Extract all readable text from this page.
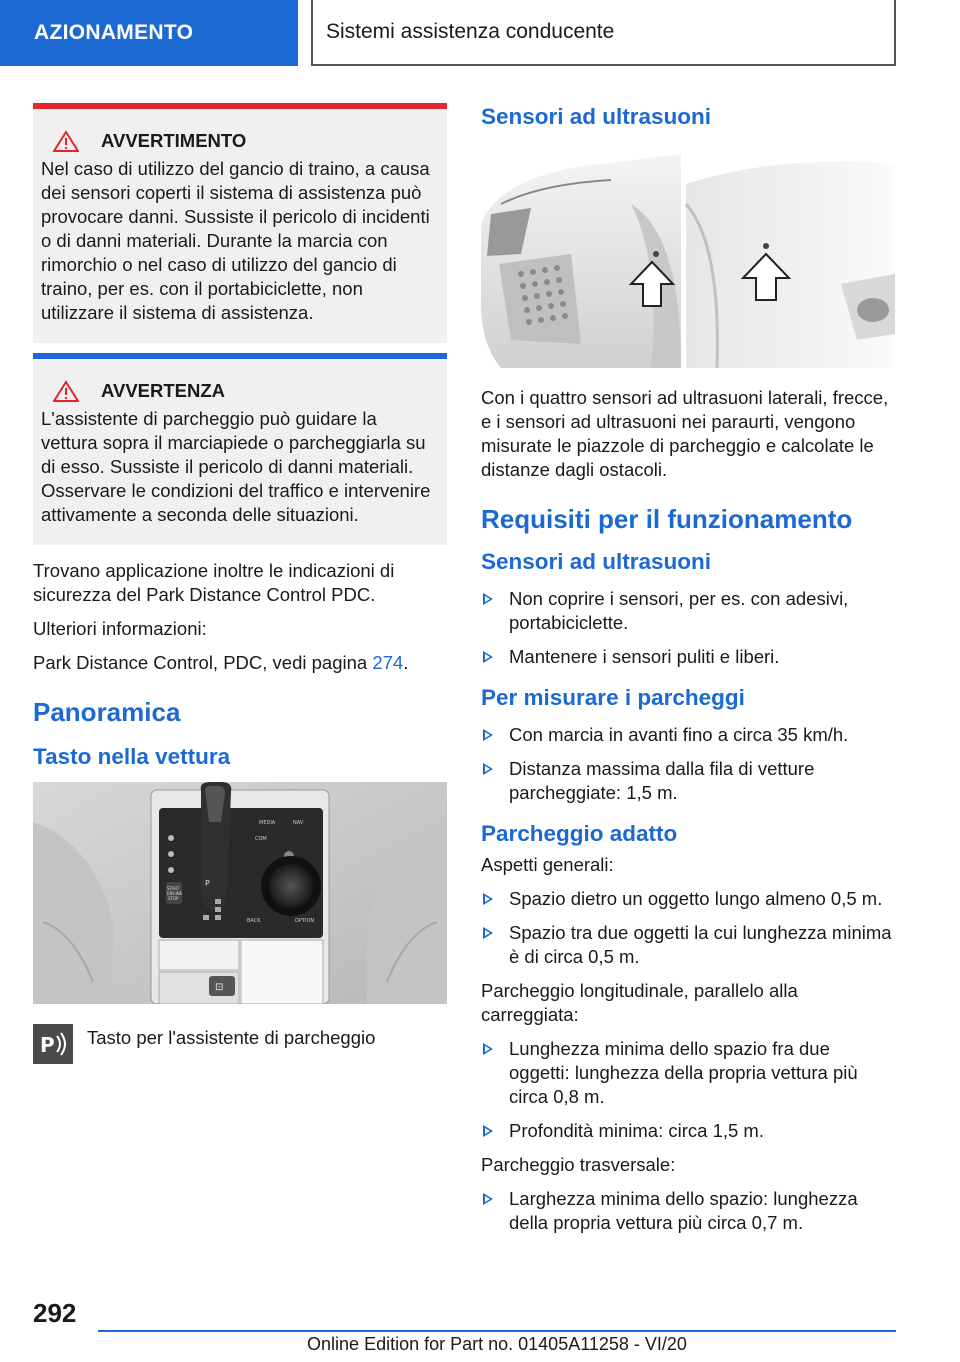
AZIONAMENTO	Sistemi assistenza conducente
AVVERTIMENTO
Nel caso di utilizzo del gancio di traino, a causa dei sensori coperti il sistema di assistenza può provocare danni. Sussiste il pericolo di incidenti o di danni materiali. Durante la marcia con rimorchio o nel caso di utilizzo del gancio di traino, per es. con il portabiciclette, non utilizzare il sistema di assistenza.
AVVERTENZA
L'assistente di parcheggio può guidare la vettura sopra il marciapiede o parcheggiarla su di esso. Sussiste il pericolo di danni materiali. Osservare le condizioni del traffico e intervenire attivamente a seconda delle situazioni.

Trovano applicazione inoltre le indicazioni di sicurezza del Park Distance Control PDC.

Ulteriori informazioni:

Park Distance Control, PDC, vedi pagina 274.

Panoramica
Tasto nella vettura
P
START
ENGINE
STOP
MEDIA
COM
NAV
BACK	OPTION
⊡
P Tasto per l'assistente di parcheggio
Sensori ad ultrasuoni

Con i quattro sensori ad ultrasuoni laterali, frecce, e i sensori ad ultrasuoni nei paraurti, vengono misurate le piazzole di parcheggio e calcolate le distanze dagli ostacoli.

Requisiti per il funzionamento
Sensori ad ultrasuoni
Non coprire i sensori, per es. con adesivi, portabiciclette.
Mantenere i sensori puliti e liberi.
Per misurare i parcheggi
Con marcia in avanti fino a circa 35 km/h.
Distanza massima dalla fila di vetture parcheggiate: 1,5 m.
Parcheggio adatto

Aspetti generali:

Spazio dietro un oggetto lungo almeno 0,5 m.
Spazio tra due oggetti la cui lunghezza minima è di circa 0,5 m.

Parcheggio longitudinale, parallelo alla carreggiata:

Lunghezza minima dello spazio fra due oggetti: lunghezza della propria vettura più circa 0,8 m.
Profondità minima: circa 1,5 m.

Parcheggio trasversale:

Larghezza minima dello spazio: lunghezza della propria vettura più circa 0,7 m.
292
Online Edition for Part no. 01405A11258 - VI/20
